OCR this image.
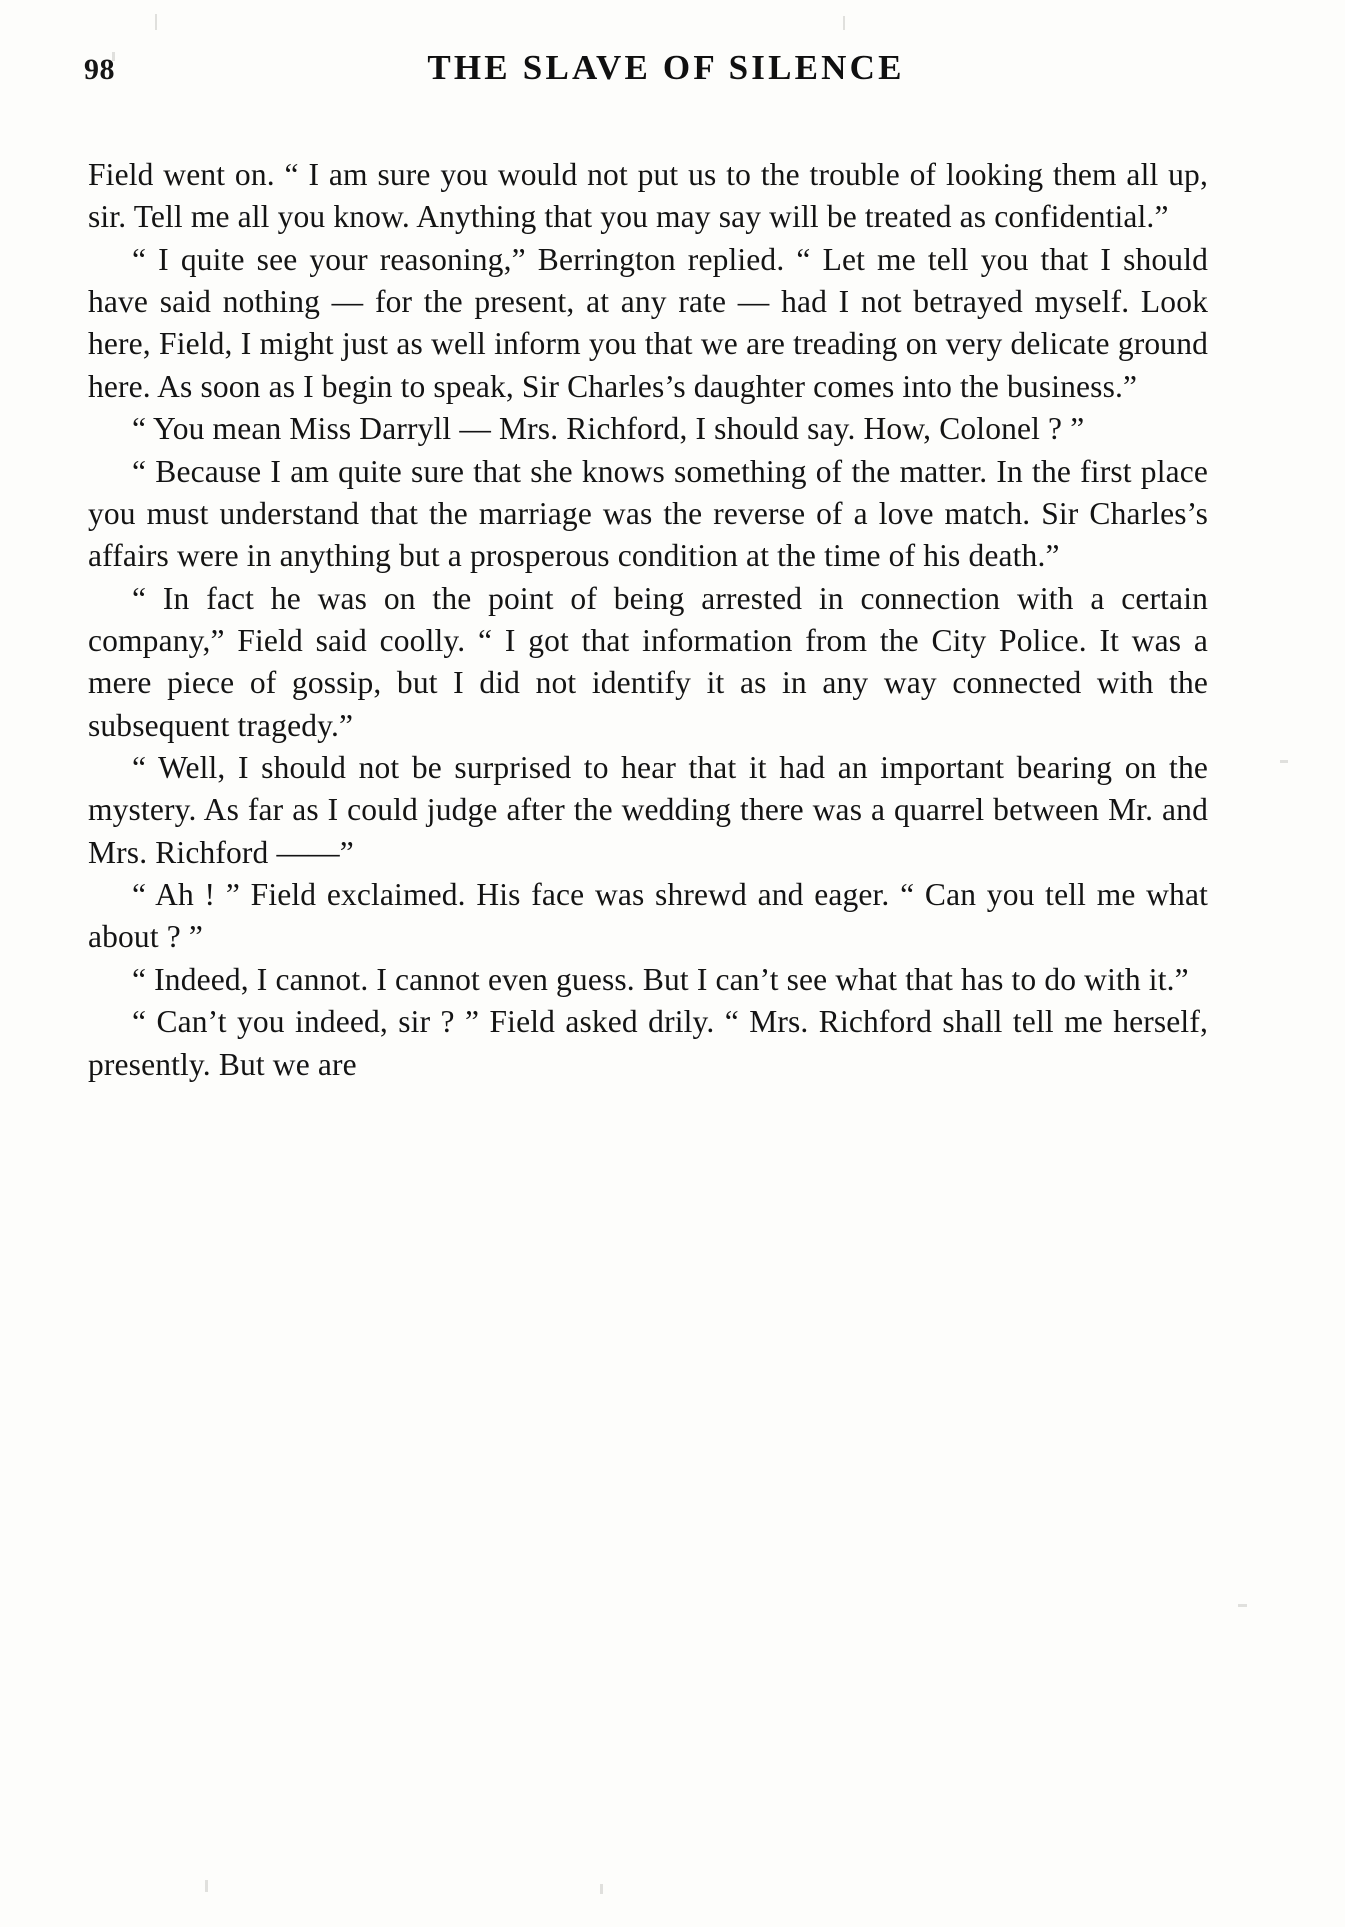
98	THE SLAVE OF SILENCE

Field went on. “ I am sure you would not put us to the trouble of looking them all up, sir. Tell me all you know. Anything that you may say will be treated as confidential.”

“ I quite see your reasoning,” Berrington replied. “ Let me tell you that I should have said nothing — for the present, at any rate — had I not betrayed myself. Look here, Field, I might just as well inform you that we are treading on very delicate ground here. As soon as I begin to speak, Sir Charles’s daughter comes into the business.”

“ You mean Miss Darryll — Mrs. Richford, I should say. How, Colonel ? ”

“ Because I am quite sure that she knows something of the matter. In the first place you must understand that the marriage was the reverse of a love match. Sir Charles’s affairs were in anything but a prosperous condition at the time of his death.”

“ In fact he was on the point of being arrested in connection with a certain company,” Field said coolly. “ I got that information from the City Police. It was a mere piece of gossip, but I did not identify it as in any way connected with the subsequent tragedy.”

“ Well, I should not be surprised to hear that it had an important bearing on the mystery. As far as I could judge after the wedding there was a quarrel between Mr. and Mrs. Richford ——”

“ Ah ! ” Field exclaimed. His face was shrewd and eager. “ Can you tell me what about ? ”

“ Indeed, I cannot. I cannot even guess. But I can’t see what that has to do with it.”

“ Can’t you indeed, sir ? ” Field asked drily. “ Mrs. Richford shall tell me herself, presently. But we are
